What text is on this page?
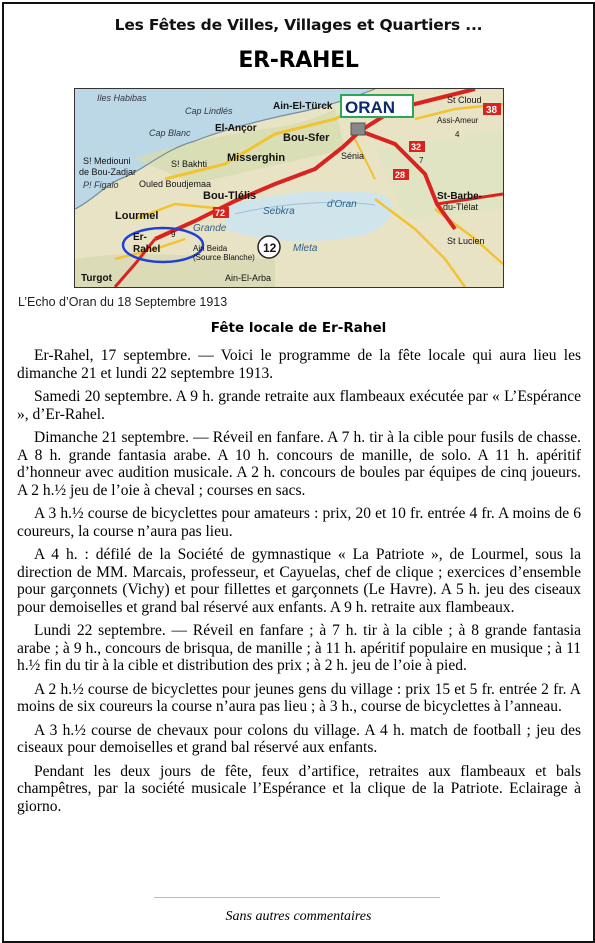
Les Fêtes de Villes, Villages et Quartiers ...
ER-RAHEL
Iles Habibas
Ain-El-Türck ORAN
Cap Lindlés
El-Ançor
Cap Blanc	Bou-Sfer
Misserghin	Sénia
S! Mediouni
de Bou-Zadjar
S! Bakhti
Ouled Boudjemaa
P! Figalo
Lourmel
Bou-Tlélis
Sebkra
d'Oran
Grande
Er-
Rahel	Ain Beida
(Source Blanche)
Turgot	Ain-El-Arba
Mleta
St-Barbe-
du-Tlélat
St Lucien
St Cloud
Assi-Ameur
12
72
28
32
38
9
7
4
L’Echo d’Oran du 18 Septembre 1913
Fête locale de Er-Rahel

Er-Rahel, 17 septembre. — Voici le programme de la fête locale qui aura lieu les dimanche 21 et lundi 22 septembre 1913.

Samedi 20 septembre. A 9 h. grande retraite aux flambeaux exécutée par « L’Espérance », d’Er-Rahel.

Dimanche 21 septembre. — Réveil en fanfare. A 7 h. tir à la cible pour fusils de chasse. A 8 h. grande fantasia arabe. A 10 h. concours de manille, de solo. A 11 h. apéritif d’honneur avec audition musicale. A 2 h. concours de boules par équipes de cinq joueurs. A 2 h.½ jeu de l’oie à cheval ; courses en sacs.

A 3 h.½ course de bicyclettes pour amateurs : prix, 20 et 10 fr. entrée 4 fr. A moins de 6 coureurs, la course n’aura pas lieu.

A 4 h. : défilé de la Société de gymnastique « La Patriote », de Lourmel, sous la direction de MM. Marcais, professeur, et Cayuelas, chef de clique ; exercices d’ensemble pour garçonnets (Vichy) et pour fillettes et garçonnets (Le Havre). A 5 h. jeu des ciseaux pour demoiselles et grand bal réservé aux enfants. A 9 h. retraite aux flambeaux.

Lundi 22 septembre. — Réveil en fanfare ; à 7 h. tir à la cible ; à 8 grande fantasia arabe ; à 9 h., concours de brisqua, de manille ; à 11 h. apéritif populaire en musique ; à 11 h.½ fin du tir à la cible et distribution des prix ; à 2 h. jeu de l’oie à pied.

A 2 h.½ course de bicyclettes pour jeunes gens du village : prix 15 et 5 fr. entrée 2 fr. A moins de six coureurs la course n’aura pas lieu ; à 3 h., course de bicyclettes à l’anneau.

A 3 h.½ course de chevaux pour colons du village. A 4 h. match de football ; jeu des ciseaux pour demoiselles et grand bal réservé aux enfants.

Pendant les deux jours de fête, feux d’artifice, retraites aux flambeaux et bals champêtres, par la société musicale l’Espérance et la clique de la Patriote. Eclairage à giorno.

Sans autres commentaires
